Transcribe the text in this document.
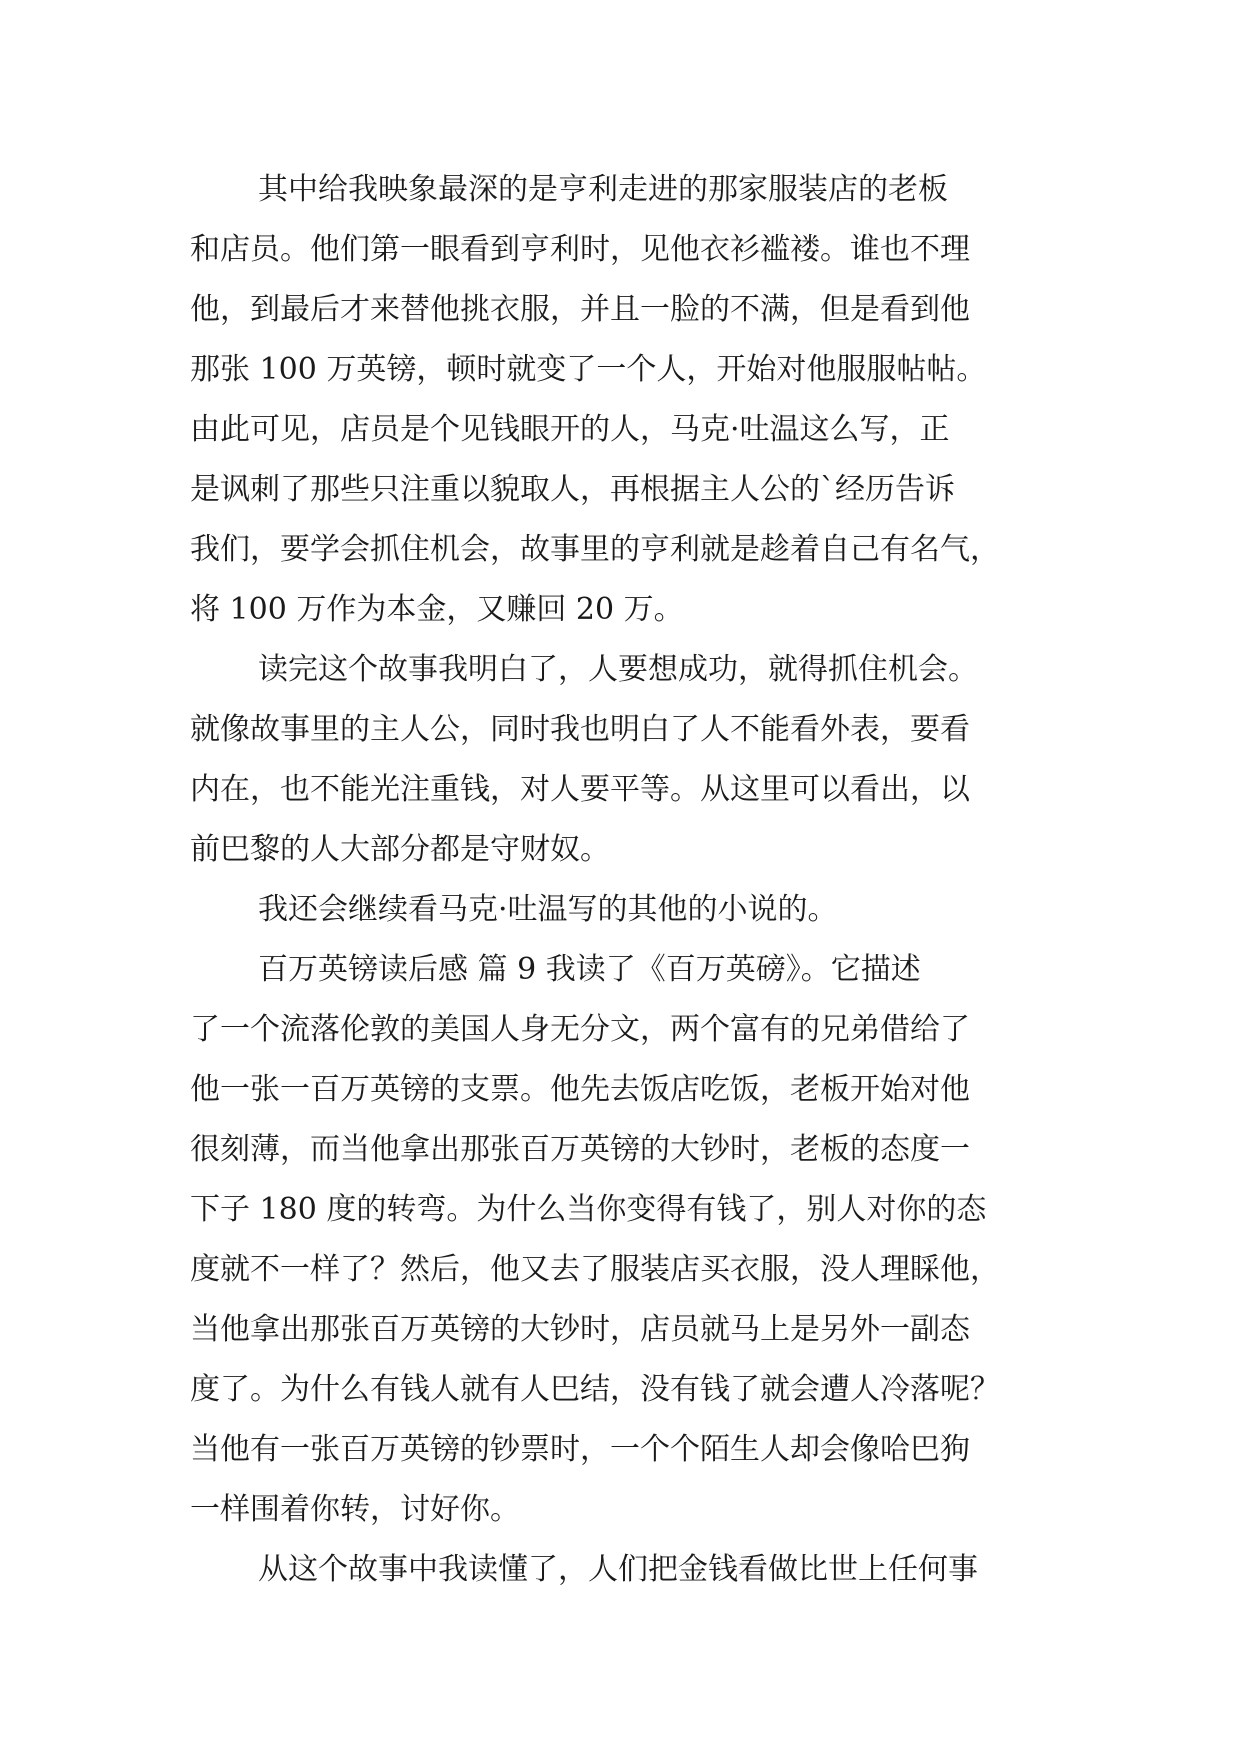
其中给我映象最深的是亨利走进的那家服装店的老板
和店员。他们第一眼看到亨利时，见他衣衫褴褛。谁也不理
他，到最后才来替他挑衣服，并且一脸的不满，但是看到他
那张 100 万英镑，顿时就变了一个人，开始对他服服帖帖。
由此可见，店员是个见钱眼开的人，马克·吐温这么写，正
是讽刺了那些只注重以貌取人，再根据主人公的`经历告诉
我们，要学会抓住机会，故事里的亨利就是趁着自己有名气，
将 100 万作为本金，又赚回 20 万。
读完这个故事我明白了，人要想成功，就得抓住机会。
就像故事里的主人公，同时我也明白了人不能看外表，要看
内在，也不能光注重钱，对人要平等。从这里可以看出，以
前巴黎的人大部分都是守财奴。
我还会继续看马克·吐温写的其他的小说的。
百万英镑读后感 篇 9 我读了《百万英磅》。它描述
了一个流落伦敦的美国人身无分文，两个富有的兄弟借给了
他一张一百万英镑的支票。他先去饭店吃饭，老板开始对他
很刻薄，而当他拿出那张百万英镑的大钞时，老板的态度一
下子 180 度的转弯。为什么当你变得有钱了，别人对你的态
度就不一样了？然后，他又去了服装店买衣服，没人理睬他，
当他拿出那张百万英镑的大钞时，店员就马上是另外一副态
度了。为什么有钱人就有人巴结，没有钱了就会遭人冷落呢？
当他有一张百万英镑的钞票时，一个个陌生人却会像哈巴狗
一样围着你转，讨好你。
从这个故事中我读懂了，人们把金钱看做比世上任何事
